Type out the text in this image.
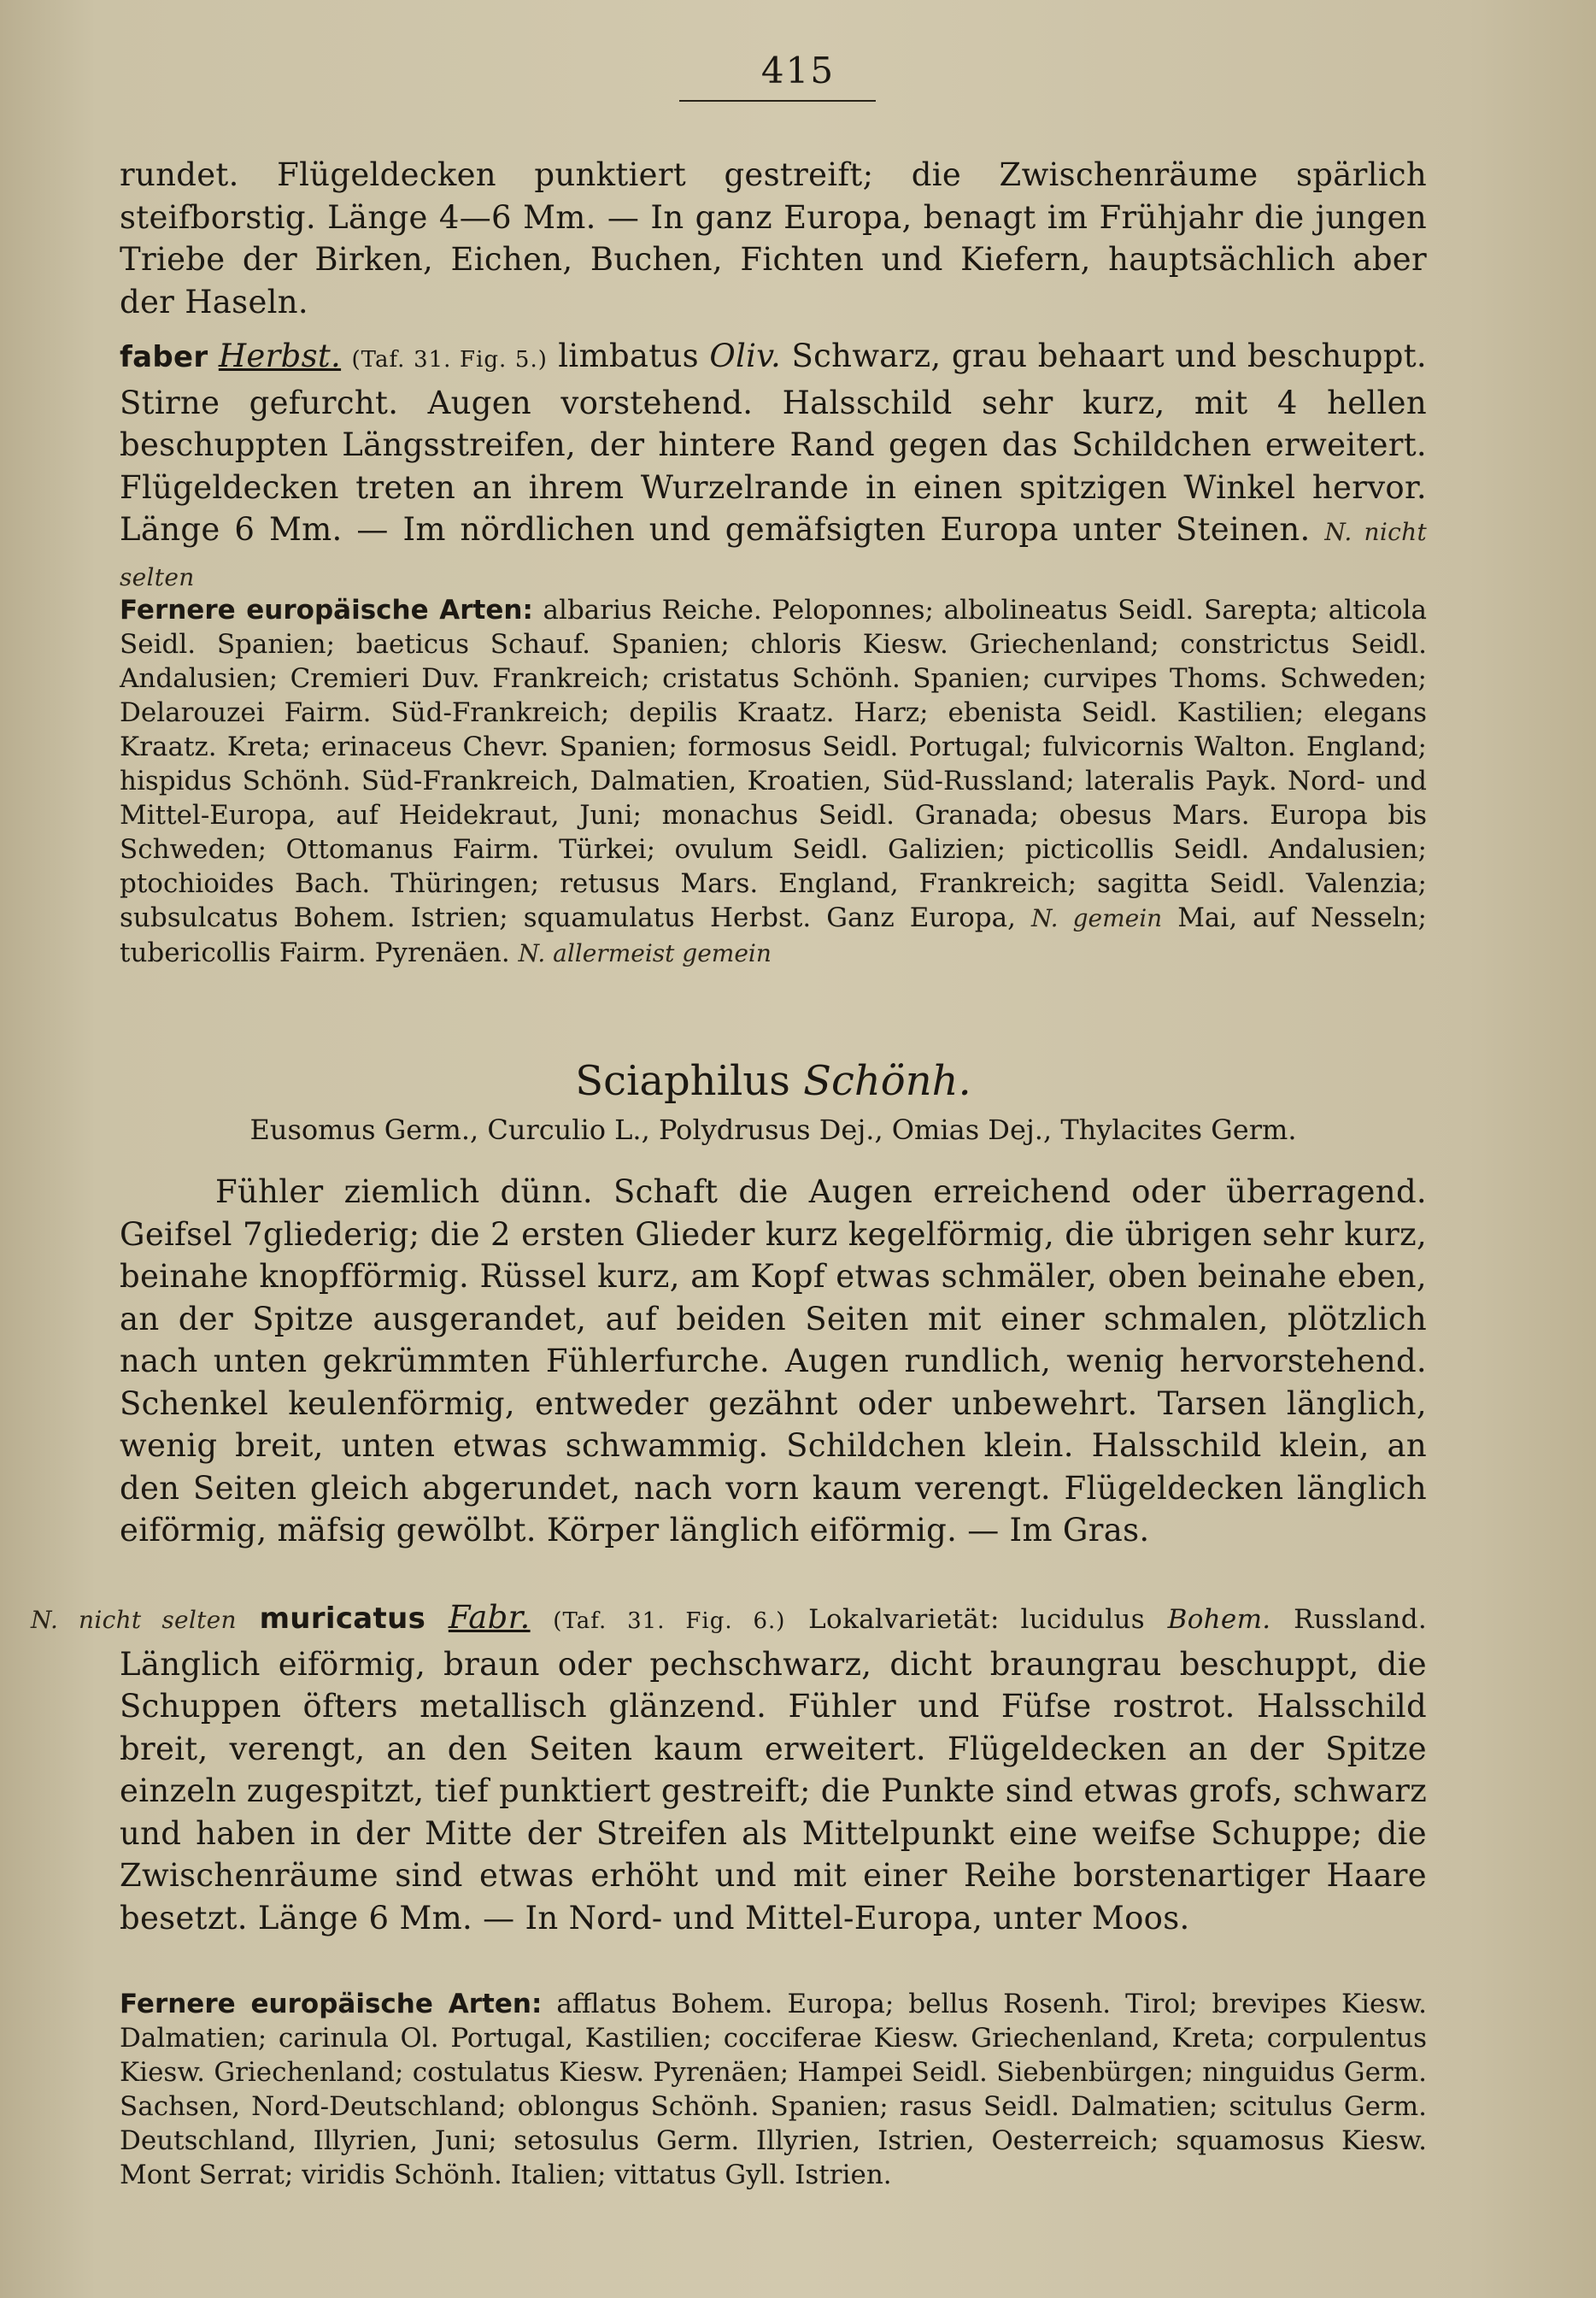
415

rundet. Flügeldecken punktiert gestreift; die Zwischenräume spärlich steifborstig. Länge 4—6 Mm. — In ganz Europa, benagt im Frühjahr die jungen Triebe der Birken, Eichen, Buchen, Fichten und Kiefern, hauptsächlich aber der Haseln.

faber Herbst. (Taf. 31. Fig. 5.) limbatus Oliv. Schwarz, grau behaart und beschuppt. Stirne gefurcht. Augen vorstehend. Halsschild sehr kurz, mit 4 hellen beschuppten Längsstreifen, der hintere Rand gegen das Schildchen erweitert. Flügeldecken treten an ihrem Wurzelrande in einen spitzigen Winkel hervor. Länge 6 Mm. — Im nördlichen und gemäfsigten Europa unter Steinen. N. nicht selten

Fernere europäische Arten: albarius Reiche. Peloponnes; albolineatus Seidl. Sarepta; alticola Seidl. Spanien; baeticus Schauf. Spanien; chloris Kiesw. Griechenland; constrictus Seidl. Andalusien; Cremieri Duv. Frankreich; cristatus Schönh. Spanien; curvipes Thoms. Schweden; Delarouzei Fairm. Süd-Frankreich; depilis Kraatz. Harz; ebenista Seidl. Kastilien; elegans Kraatz. Kreta; erinaceus Chevr. Spanien; formosus Seidl. Portugal; fulvicornis Walton. England; hispidus Schönh. Süd-Frankreich, Dalmatien, Kroatien, Süd-Russland; lateralis Payk. Nord- und Mittel-Europa, auf Heidekraut, Juni; monachus Seidl. Granada; obesus Mars. Europa bis Schweden; Ottomanus Fairm. Türkei; ovulum Seidl. Galizien; picticollis Seidl. Andalusien; ptochioides Bach. Thüringen; retusus Mars. England, Frankreich; sagitta Seidl. Valenzia; subsulcatus Bohem. Istrien; squamulatus Herbst. Ganz Europa, N. gemein Mai, auf Nesseln; tubericollis Fairm. Pyrenäen. N. allermeist gemein

Sciaphilus Schönh.

Eusomus Germ., Curculio L., Polydrusus Dej., Omias Dej., Thylacites Germ.

Fühler ziemlich dünn. Schaft die Augen erreichend oder überragend. Geifsel 7gliederig; die 2 ersten Glieder kurz kegelförmig, die übrigen sehr kurz, beinahe knopfförmig. Rüssel kurz, am Kopf etwas schmäler, oben beinahe eben, an der Spitze ausgerandet, auf beiden Seiten mit einer schmalen, plötzlich nach unten gekrümmten Fühlerfurche. Augen rundlich, wenig hervorstehend. Schenkel keulenförmig, entweder gezähnt oder unbewehrt. Tarsen länglich, wenig breit, unten etwas schwammig. Schildchen klein. Halsschild klein, an den Seiten gleich abgerundet, nach vorn kaum verengt. Flügeldecken länglich eiförmig, mäfsig gewölbt. Körper länglich eiförmig. — Im Gras.

N. nicht selten muricatus Fabr. (Taf. 31. Fig. 6.) Lokalvarietät: lucidulus Bohem. Russland. Länglich eiförmig, braun oder pechschwarz, dicht braungrau beschuppt, die Schuppen öfters metallisch glänzend. Fühler und Füfse rostrot. Halsschild breit, verengt, an den Seiten kaum erweitert. Flügeldecken an der Spitze einzeln zugespitzt, tief punktiert gestreift; die Punkte sind etwas grofs, schwarz und haben in der Mitte der Streifen als Mittelpunkt eine weifse Schuppe; die Zwischenräume sind etwas erhöht und mit einer Reihe borstenartiger Haare besetzt. Länge 6 Mm. — In Nord- und Mittel-Europa, unter Moos.

Fernere europäische Arten: afflatus Bohem. Europa; bellus Rosenh. Tirol; brevipes Kiesw. Dalmatien; carinula Ol. Portugal, Kastilien; cocciferae Kiesw. Griechenland, Kreta; corpulentus Kiesw. Griechenland; costulatus Kiesw. Pyrenäen; Hampei Seidl. Siebenbürgen; ninguidus Germ. Sachsen, Nord-Deutschland; oblongus Schönh. Spanien; rasus Seidl. Dalmatien; scitulus Germ. Deutschland, Illyrien, Juni; setosulus Germ. Illyrien, Istrien, Oesterreich; squamosus Kiesw. Mont Serrat; viridis Schönh. Italien; vittatus Gyll. Istrien.
